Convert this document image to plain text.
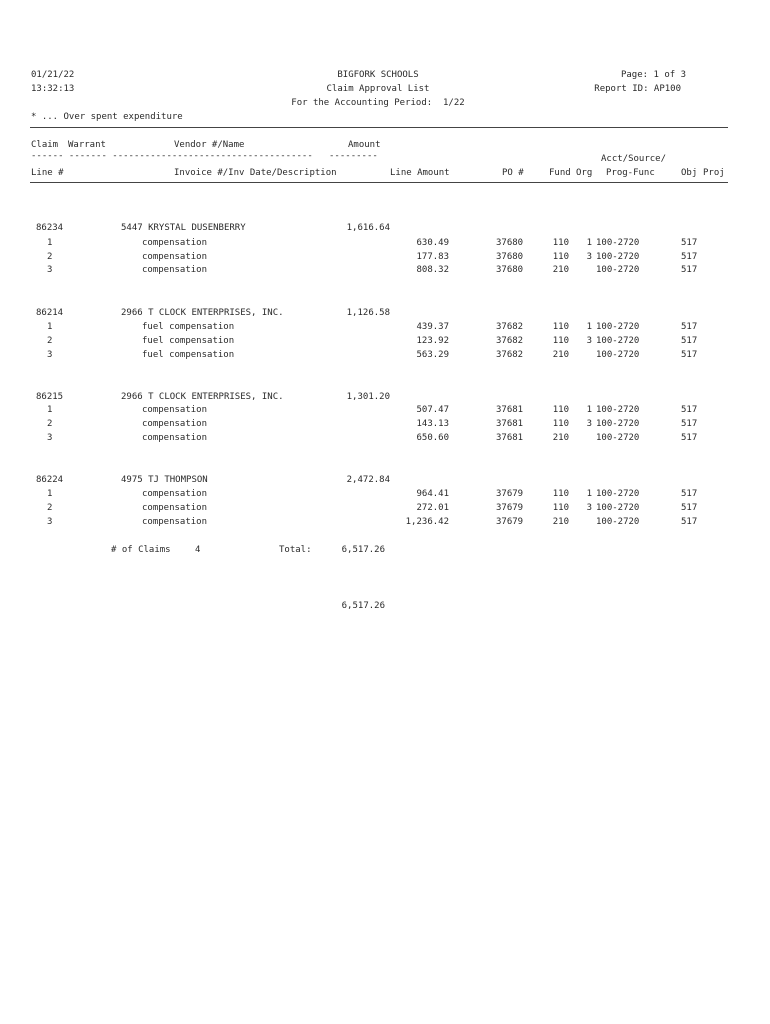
01/21/22
13:32:13
BIGFORK SCHOOLS
Claim Approval List
For the Accounting Period:  1/22
Page: 1 of 3
Report ID: AP100
* ... Over spent expenditure
Claim Warrant	Vendor #/Name	Amount
------ ------- -------------------------------------   ---------	Acct/Source/
Line #	Invoice #/Inv Date/Description	Line Amount	PO #	Fund Org Prog-Func	Obj Proj
86234	5447 KRYSTAL DUSENBERRY	1,616.64
1	compensation	630.49	37680	110	1 100-2720	517
2	compensation	177.83	37680	110	3 100-2720	517
3	compensation	808.32	37680	210	100-2720	517
86214	2966 T CLOCK ENTERPRISES, INC.	1,126.58
1	fuel compensation	439.37	37682	110	1 100-2720	517
2	fuel compensation	123.92	37682	110	3 100-2720	517
3	fuel compensation	563.29	37682	210	100-2720	517
86215	2966 T CLOCK ENTERPRISES, INC.	1,301.20
1	compensation	507.47	37681	110	1 100-2720	517
2	compensation	143.13	37681	110	3 100-2720	517
3	compensation	650.60	37681	210	100-2720	517
86224	4975 TJ THOMPSON	2,472.84
1	compensation	964.41	37679	110	1 100-2720	517
2	compensation	272.01	37679	110	3 100-2720	517
3	compensation	1,236.42	37679	210	100-2720	517
# of Claims	4	Total:	6,517.26
6,517.26
